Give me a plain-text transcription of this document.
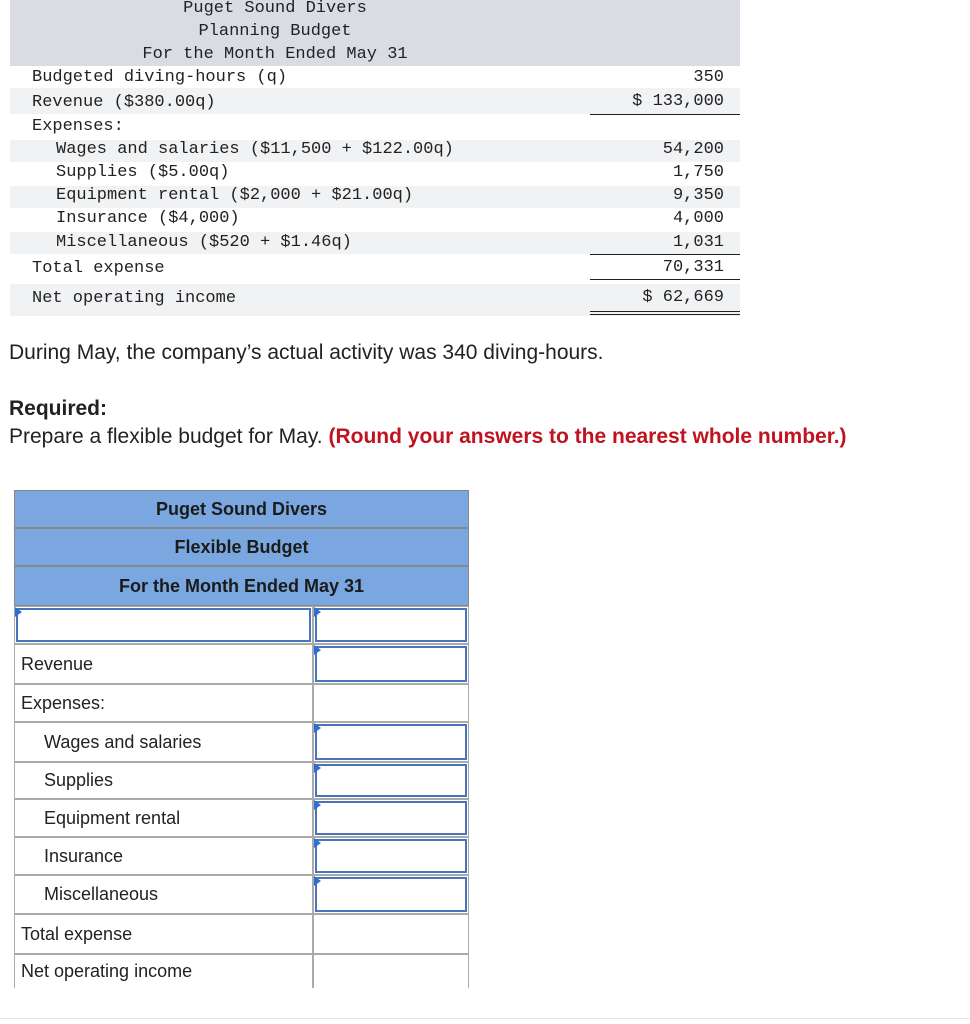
Puget Sound Divers
Planning Budget
For the Month Ended May 31
Budgeted diving-hours (q)	350
Revenue ($380.00q)	$ 133,000
Expenses:
Wages and salaries ($11,500 + $122.00q)	54,200
Supplies ($5.00q)	1,750
Equipment rental ($2,000 + $21.00q)	9,350
Insurance ($4,000)	4,000
Miscellaneous ($520 + $1.46q)	1,031
Total expense	70,331
Net operating income	$ 62,669
During May, the company’s actual activity was 340 diving-hours.
Required:
Prepare a flexible budget for May. (Round your answers to the nearest whole number.)
Puget Sound Divers
Flexible Budget
For the Month Ended May 31
Revenue
Expenses:
Wages and salaries
Supplies
Equipment rental
Insurance
Miscellaneous
Total expense
Net operating income
